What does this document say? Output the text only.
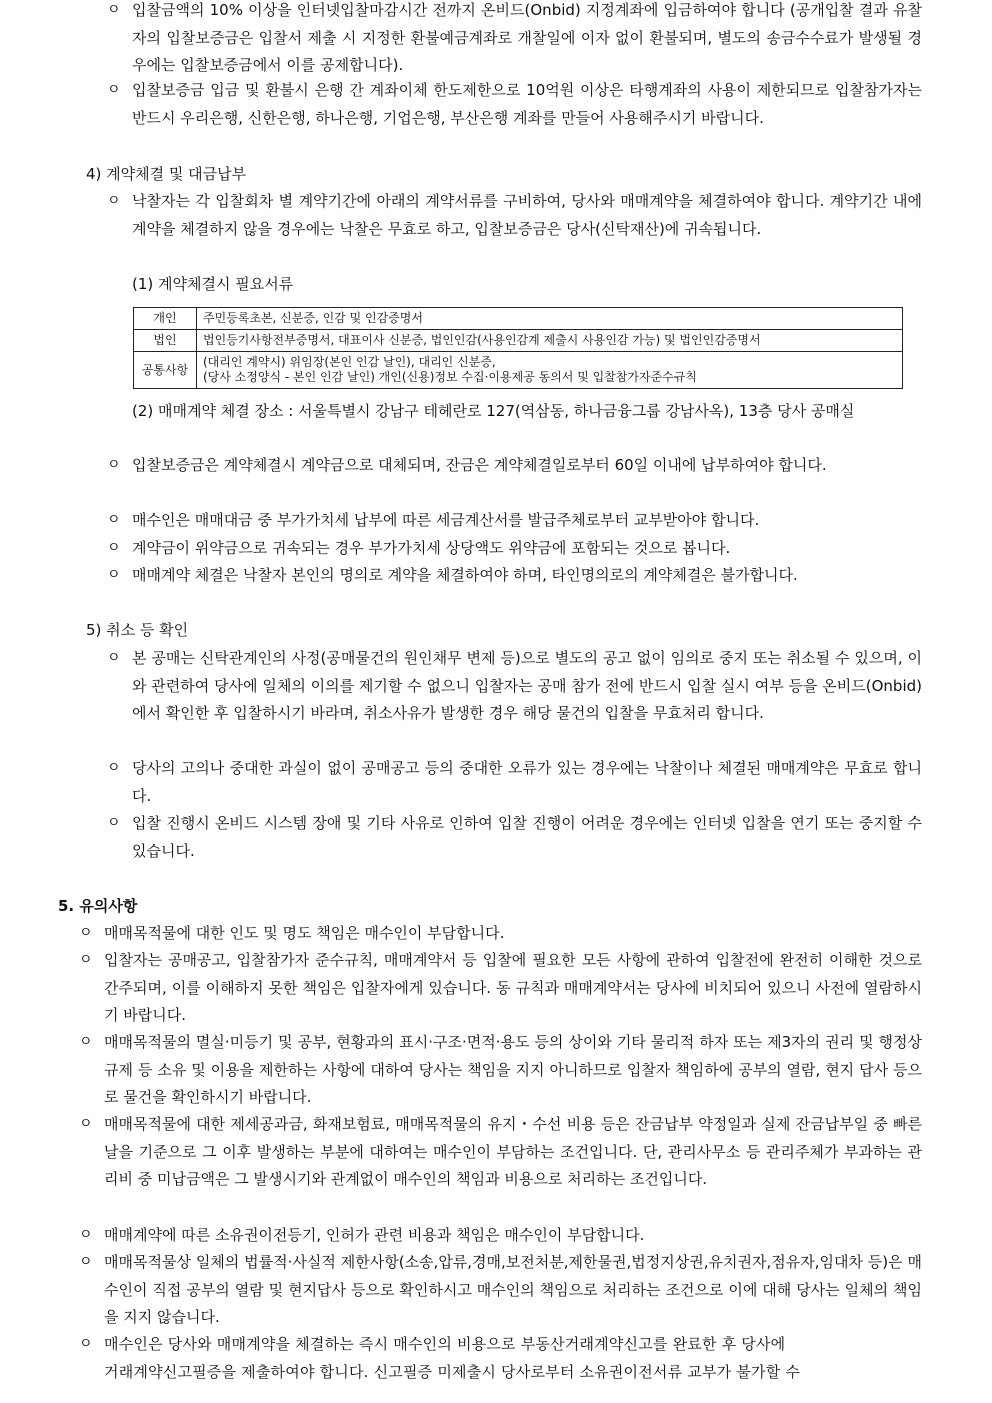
ㅇ 입찰금액의 10% 이상을 인터넷입찰마감시간 전까지 온비드(Onbid) 지정계좌에 입금하여야 합니다 (공개입찰 결과 유찰자의 입찰보증금은 입찰서 제출 시 지정한 환불예금계좌로 개찰일에 이자 없이 환불되며, 별도의 송금수수료가 발생될 경우에는 입찰보증금에서 이를 공제합니다).
ㅇ 입찰보증금 입금 및 환불시 은행 간 계좌이체 한도제한으로 10억원 이상은 타행계좌의 사용이 제한되므로 입찰참가자는 반드시 우리은행, 신한은행, 하나은행, 기업은행, 부산은행 계좌를 만들어 사용해주시기 바랍니다.
4) 계약체결 및 대금납부
ㅇ 낙찰자는 각 입찰회차 별 계약기간에 아래의 계약서류를 구비하여, 당사와 매매계약을 체결하여야 합니다. 계약기간 내에 계약을 체결하지 않을 경우에는 낙찰은 무효로 하고, 입찰보증금은 당사(신탁재산)에 귀속됩니다.
(1) 계약체결시 필요서류
개인	주민등록초본, 신분증, 인감 및 인감증명서
법인	법인등기사항전부증명서, 대표이사 신분증, 법인인감(사용인감계 제출시 사용인감 가능) 및 법인인감증명서
공통사항	(대리인 계약시) 위임장(본인 인감 날인), 대리인 신분증,
(당사 소정양식 - 본인 인감 날인) 개인(신용)정보 수집·이용제공 동의서 및 입찰참가자준수규칙
(2) 매매계약 체결 장소 : 서울특별시 강남구 테헤란로 127(역삼동, 하나금융그룹 강남사옥), 13층 당사 공매실
ㅇ 입찰보증금은 계약체결시 계약금으로 대체되며, 잔금은 계약체결일로부터 60일 이내에 납부하여야 합니다.
ㅇ 매수인은 매매대금 중 부가가치세 납부에 따른 세금계산서를 발급주체로부터 교부받아야 합니다.
ㅇ 계약금이 위약금으로 귀속되는 경우 부가가치세 상당액도 위약금에 포함되는 것으로 봅니다.
ㅇ 매매계약 체결은 낙찰자 본인의 명의로 계약을 체결하여야 하며, 타인명의로의 계약체결은 불가합니다.
5) 취소 등 확인
ㅇ 본 공매는 신탁관계인의 사정(공매물건의 원인채무 변제 등)으로 별도의 공고 없이 임의로 중지 또는 취소될 수 있으며, 이와 관련하여 당사에 일체의 이의를 제기할 수 없으니 입찰자는 공매 참가 전에 반드시 입찰 실시 여부 등을 온비드(Onbid)에서 확인한 후 입찰하시기 바라며, 취소사유가 발생한 경우 해당 물건의 입찰을 무효처리 합니다.
ㅇ 당사의 고의나 중대한 과실이 없이 공매공고 등의 중대한 오류가 있는 경우에는 낙찰이나 체결된 매매계약은 무효로 합니다.
ㅇ 입찰 진행시 온비드 시스템 장애 및 기타 사유로 인하여 입찰 진행이 어려운 경우에는 인터넷 입찰을 연기 또는 중지할 수 있습니다.
5. 유의사항
ㅇ 매매목적물에 대한 인도 및 명도 책임은 매수인이 부담합니다.
ㅇ 입찰자는 공매공고, 입찰참가자 준수규칙, 매매계약서 등 입찰에 필요한 모든 사항에 관하여 입찰전에 완전히 이해한 것으로 간주되며, 이를 이해하지 못한 책임은 입찰자에게 있습니다. 동 규칙과 매매계약서는 당사에 비치되어 있으니 사전에 열람하시기 바랍니다.
ㅇ 매매목적물의 멸실·미등기 및 공부, 현황과의 표시·구조·면적·용도 등의 상이와 기타 물리적 하자 또는 제3자의 권리 및 행정상 규제 등 소유 및 이용을 제한하는 사항에 대하여 당사는 책임을 지지 아니하므로 입찰자 책임하에 공부의 열람, 현지 답사 등으로 물건을 확인하시기 바랍니다.
ㅇ 매매목적물에 대한 제세공과금, 화재보험료, 매매목적물의 유지・수선 비용 등은 잔금납부 약정일과 실제 잔금납부일 중 빠른 날을 기준으로 그 이후 발생하는 부분에 대하여는 매수인이 부담하는 조건입니다. 단, 관리사무소 등 관리주체가 부과하는 관리비 중 미납금액은 그 발생시기와 관계없이 매수인의 책임과 비용으로 처리하는 조건입니다.
ㅇ 매매계약에 따른 소유권이전등기, 인허가 관련 비용과 책임은 매수인이 부담합니다.
ㅇ 매매목적물상 일체의 법률적·사실적 제한사항(소송,압류,경매,보전처분,제한물권,법정지상권,유치권자,점유자,임대차 등)은 매수인이 직접 공부의 열람 및 현지답사 등으로 확인하시고 매수인의 책임으로 처리하는 조건으로 이에 대해 당사는 일체의 책임을 지지 않습니다.
ㅇ 매수인은 당사와 매매계약을 체결하는 즉시 매수인의 비용으로 부동산거래계약신고를 완료한 후 당사에
거래계약신고필증을 제출하여야 합니다. 신고필증 미제출시 당사로부터 소유권이전서류 교부가 불가할 수
